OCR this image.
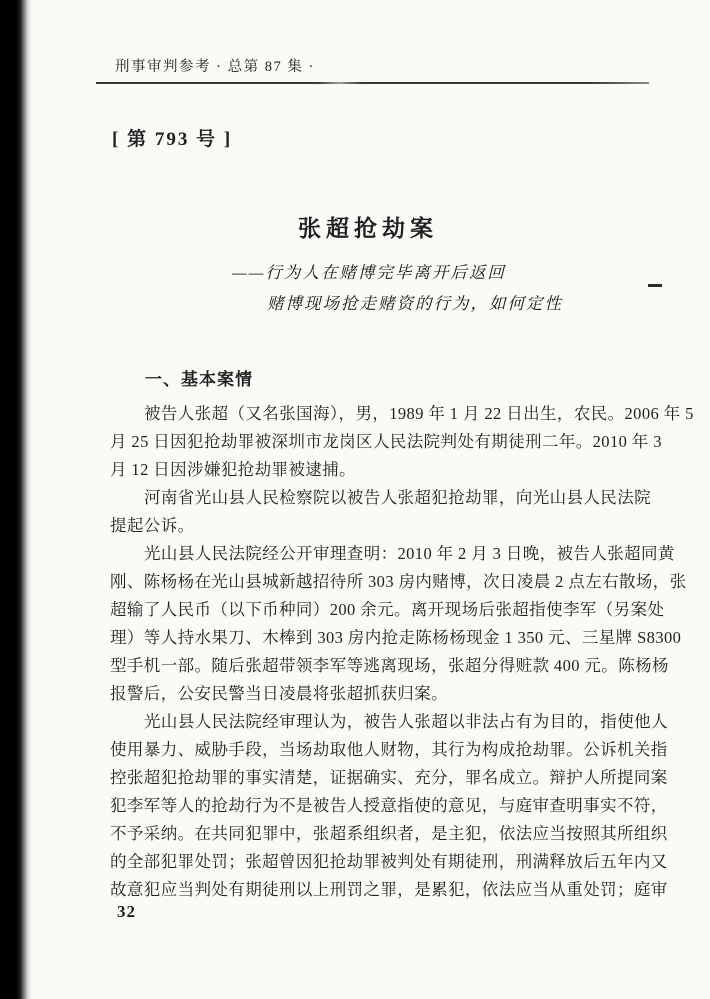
刑事审判参考 · 总第 87 集 ·
[ 第 793 号 ]
张超抢劫案
——行为人在赌博完毕离开后返回
赌博现场抢走赌资的行为，如何定性
一、基本案情
被告人张超（又名张国海），男，1989 年 1 月 22 日出生，农民。2006 年 5
月 25 日因犯抢劫罪被深圳市龙岗区人民法院判处有期徒刑二年。2010 年 3
月 12 日因涉嫌犯抢劫罪被逮捕。
河南省光山县人民检察院以被告人张超犯抢劫罪，向光山县人民法院
提起公诉。
光山县人民法院经公开审理查明：2010 年 2 月 3 日晚，被告人张超同黄
刚、陈杨杨在光山县城新越招待所 303 房内赌博，次日凌晨 2 点左右散场，张
超输了人民币（以下币种同）200 余元。离开现场后张超指使李军（另案处
理）等人持水果刀、木棒到 303 房内抢走陈杨杨现金 1 350 元、三星牌 S8300
型手机一部。随后张超带领李军等逃离现场，张超分得赃款 400 元。陈杨杨
报警后，公安民警当日凌晨将张超抓获归案。
光山县人民法院经审理认为，被告人张超以非法占有为目的，指使他人
使用暴力、威胁手段，当场劫取他人财物，其行为构成抢劫罪。公诉机关指
控张超犯抢劫罪的事实清楚，证据确实、充分，罪名成立。辩护人所提同案
犯李军等人的抢劫行为不是被告人授意指使的意见，与庭审查明事实不符，
不予采纳。在共同犯罪中，张超系组织者，是主犯，依法应当按照其所组织
的全部犯罪处罚；张超曾因犯抢劫罪被判处有期徒刑，刑满释放后五年内又
故意犯应当判处有期徒刑以上刑罚之罪，是累犯，依法应当从重处罚；庭审
32
